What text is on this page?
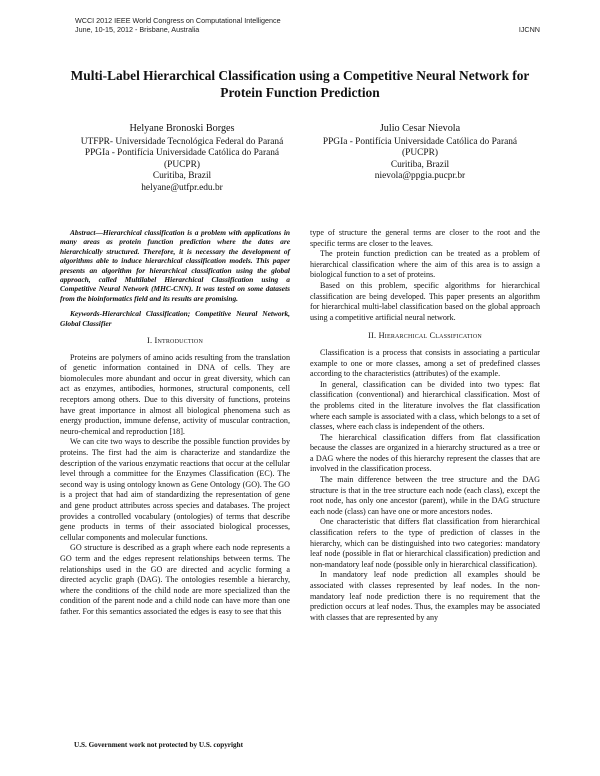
WCCI 2012 IEEE World Congress on Computational Intelligence
June, 10-15, 2012 - Brisbane, Australia	IJCNN
Multi-Label Hierarchical Classification using a Competitive Neural Network for Protein Function Prediction
Helyane Bronoski Borges
UTFPR- Universidade Tecnológica Federal do Paraná
PPGIa - Pontifícia Universidade Católica do Paraná
(PUCPR)
Curitiba, Brazil
helyane@utfpr.edu.br
Julio Cesar Nievola
PPGIa - Pontifícia Universidade Católica do Paraná
(PUCPR)
Curitiba, Brazil
nievola@ppgia.pucpr.br

Abstract—Hierarchical classification is a problem with applications in many areas as protein function prediction where the dates are hierarchically structured. Therefore, it is necessary the development of algorithms able to induce hierarchical classification models. This paper presents an algorithm for hierarchical classification using the global approach, called Multilabel Hierarchical Classification using a Competitive Neural Network (MHC-CNN). It was tested on some datasets from the bioinformatics field and its results are promising.

Keywords-Hierarchical Classification; Competitive Neural Network, Global Classifier

I. Introduction

Proteins are polymers of amino acids resulting from the translation of genetic information contained in DNA of cells. They are biomolecules more abundant and occur in great diversity, which can act as enzymes, antibodies, hormones, structural components, cell receptors among others. Due to this diversity of functions, proteins have great importance in almost all biological phenomena such as energy production, immune defense, activity of muscular contraction, neuro-chemical and reproduction [18].

We can cite two ways to describe the possible function provides by proteins. The first had the aim is characterize and standardize the description of the various enzymatic reactions that occur at the cellular level through a committee for the Enzymes Classification (EC). The second way is using ontology known as Gene Ontology (GO). The GO is a project that had aim of standardizing the representation of gene and gene product attributes across species and databases. The project provides a controlled vocabulary (ontologies) of terms that describe gene products in terms of their associated biological processes, cellular components and molecular functions.

GO structure is described as a graph where each node represents a GO term and the edges represent relationships between terms. The relationships used in the GO are directed and acyclic forming a directed acyclic graph (DAG). The ontologies resemble a hierarchy, where the conditions of the child node are more specialized than the condition of the parent node and a child node can have more than one father. For this semantics associated the edges is easy to see that this

type of structure the general terms are closer to the root and the specific terms are closer to the leaves.

The protein function prediction can be treated as a problem of hierarchical classification where the aim of this area is to assign a biological function to a set of proteins.

Based on this problem, specific algorithms for hierarchical classification are being developed. This paper presents an algorithm for hierarchical multi-label classification based on the global approach using a competitive artificial neural network.

II. Hierarchical Classification

Classification is a process that consists in associating a particular example to one or more classes, among a set of predefined classes according to the characteristics (attributes) of the example.

In general, classification can be divided into two types: flat classification (conventional) and hierarchical classification. Most of the problems cited in the literature involves the flat classification where each sample is associated with a class, which belongs to a set of classes, where each class is independent of the others.

The hierarchical classification differs from flat classification because the classes are organized in a hierarchy structured as a tree or a DAG where the nodes of this hierarchy represent the classes that are involved in the classification process.

The main difference between the tree structure and the DAG structure is that in the tree structure each node (each class), except the root node, has only one ancestor (parent), while in the DAG structure each node (class) can have one or more ancestors nodes.

One characteristic that differs flat classification from hierarchical classification refers to the type of prediction of classes in the hierarchy, which can be distinguished into two categories: mandatory leaf node (possible in flat or hierarchical classification) prediction and non-mandatory leaf node (possible only in hierarchical classification).

In mandatory leaf node prediction all examples should be associated with classes represented by leaf nodes. In the non-mandatory leaf node prediction there is no requirement that the prediction occurs at leaf nodes. Thus, the examples may be associated with classes that are represented by any

U.S. Government work not protected by U.S. copyright
